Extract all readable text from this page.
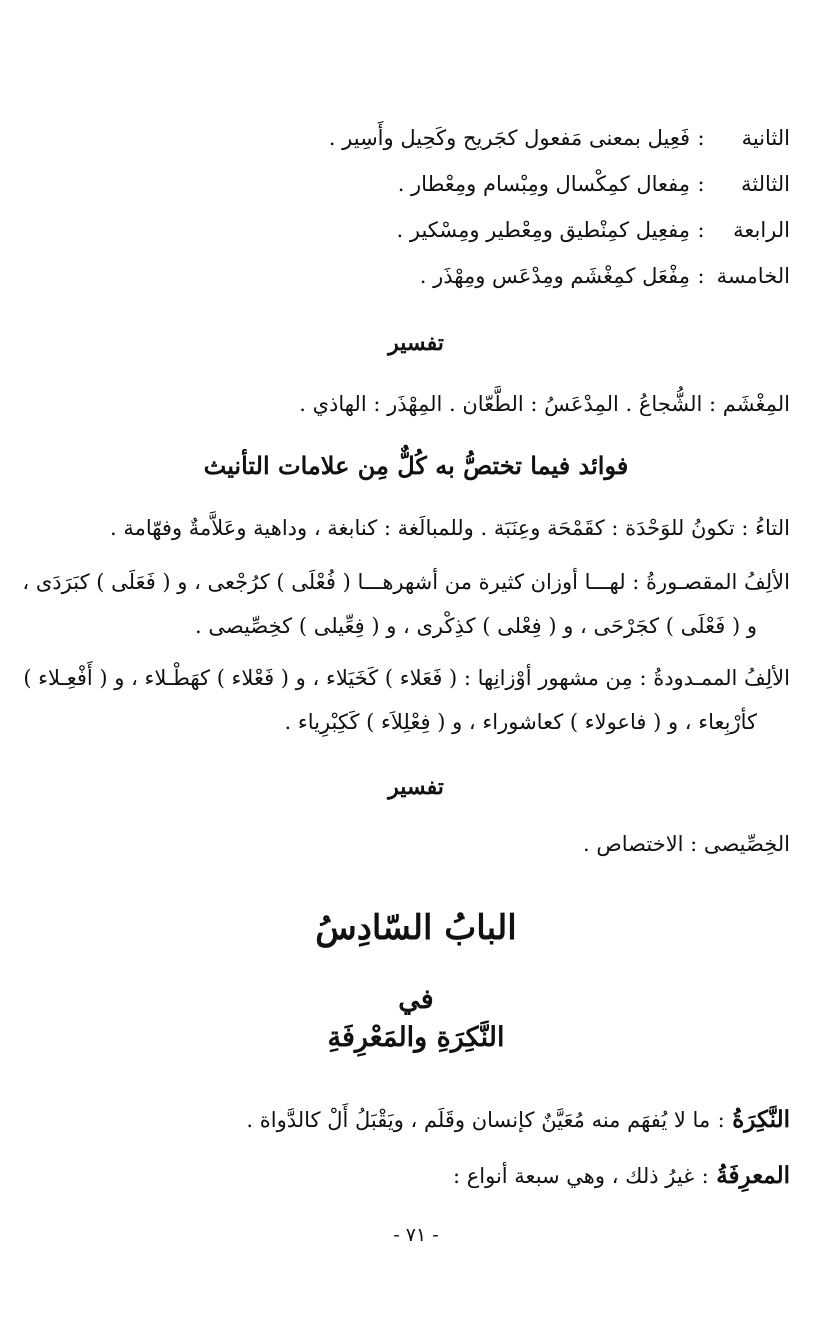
الثانية:فَعِيل بمعنى مَفعول كجَريح وكَحِيل وأَسِير .
الثالثة:مِفعال كمِكْسال ومِبْسام ومِعْطار .
الرابعة:مِفعِيل كمِنْطيق ومِعْطير ومِسْكير .
الخامسة:مِفْعَل كمِغْشَم ومِدْعَس ومِهْذَر .
تفسير
المِغْشَم : الشُّجاعُ . المِدْعَسُ : الطَّعّان . المِهْذَر : الهاذي .
فوائد فيما تختصُّ به كُلٌّ مِن علامات التأنيث
التاءُ : تكونُ للوَحْدَة : كقَمْحَة وعِنَبَة . وللمبالَغة : كنابغة ، وداهية وعَلاَّمةٌ وفهّامة .
الألِفُ المقصـورةُ : لهـــا أوزان كثيرة من أشهرهـــا ( فُعْلَى ) كرُجْعى ، و ( فَعَلَى ) كبَرَدَى ،
و ( فَعْلَى ) كجَرْحَى ، و ( فِعْلى ) كذِكْرى ، و ( فِعِّيلى ) كخِصِّيصى .
الألِفُ الممـدودةُ : مِن مشهور أوْزانِها : ( فَعَلاء ) كَخَيَلاء ، و ( فَعْلاء ) كهَطْـلاء ، و ( أَفْعِـلاء )
كأرْبِعاء ، و ( فاعولاء ) كعاشوراء ، و ( فِعْلِلاَء ) كَكِبْرِياء .
تفسير
الخِصِّيصى : الاختصاص .
البابُ السّادِسُ
في
النَّكِرَةِ والمَعْرِفَةِ
النَّكِرَةُ:ما لا يُفهَم منه مُعَيَّنٌ كإنسان وقَلَم ، ويَقْبَلُ أَلْ كالدَّواة .
المعرِفَةُ:غيرُ ذلك ، وهي سبعة أنواع :
- ٧١ -
